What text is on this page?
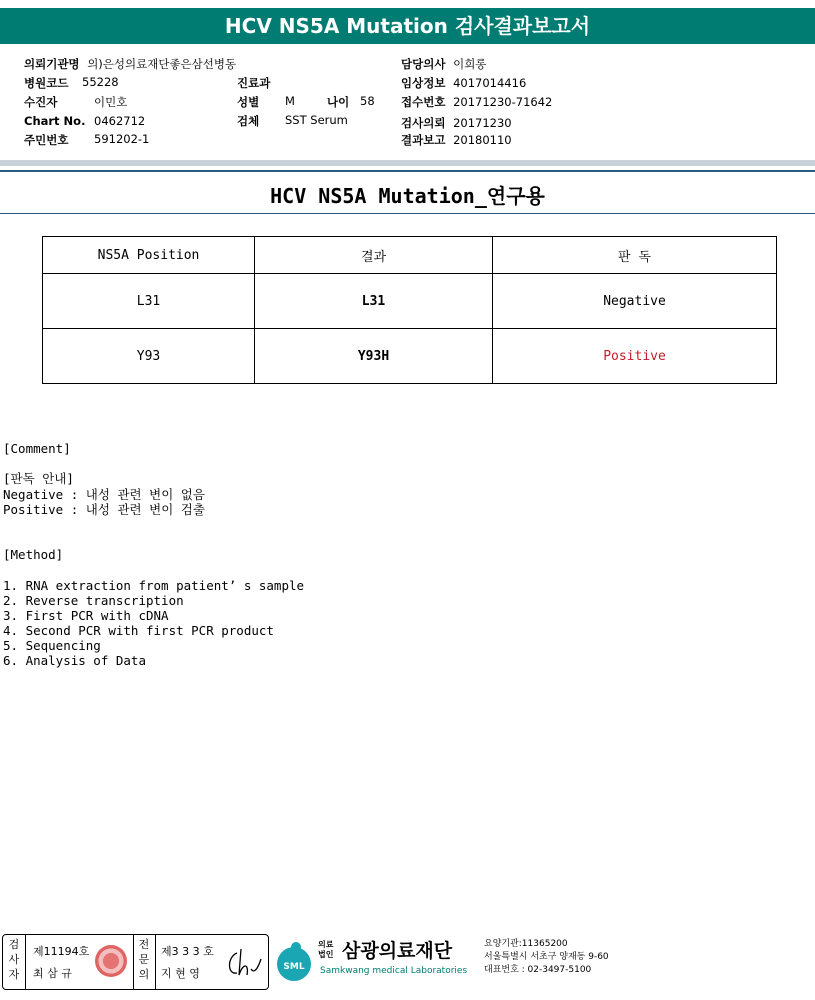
HCV NS5A Mutation 검사결과보고서
의뢰기관명 의)은성의료재단좋은삼선병동
병원코드 55228
수진자	이민호
Chart No. 0462712
주민번호 591202-1
진료과
성별 M	나이 58
검체 SST Serum
담당의사 이희롱
임상정보 4017014416
접수번호 20171230-71642
검사의뢰 20171230
결과보고 20180110
HCV NS5A Mutation_연구용
NS5A Position	결과	판 독
L31	L31	Negative
Y93	Y93H	Positive
[Comment]
[판독 안내]
Negative : 내성 관련 변이 없음
Positive : 내성 관련 변이 검출
[Method]
1. RNA extraction from patient’ s sample
2. Reverse transcription
3. First PCR with cDNA
4. Second PCR with first PCR product
5. Sequencing
6. Analysis of Data
검사자
제11194호
최 삼 규
전문의
제3 3 3 호
지 현 영	SML
의료법인 삼광의료재단
Samkwang medical Laboratories
요양기관:11365200
서울특별시 서초구 양재동 9-60
대표번호 : 02-3497-5100
